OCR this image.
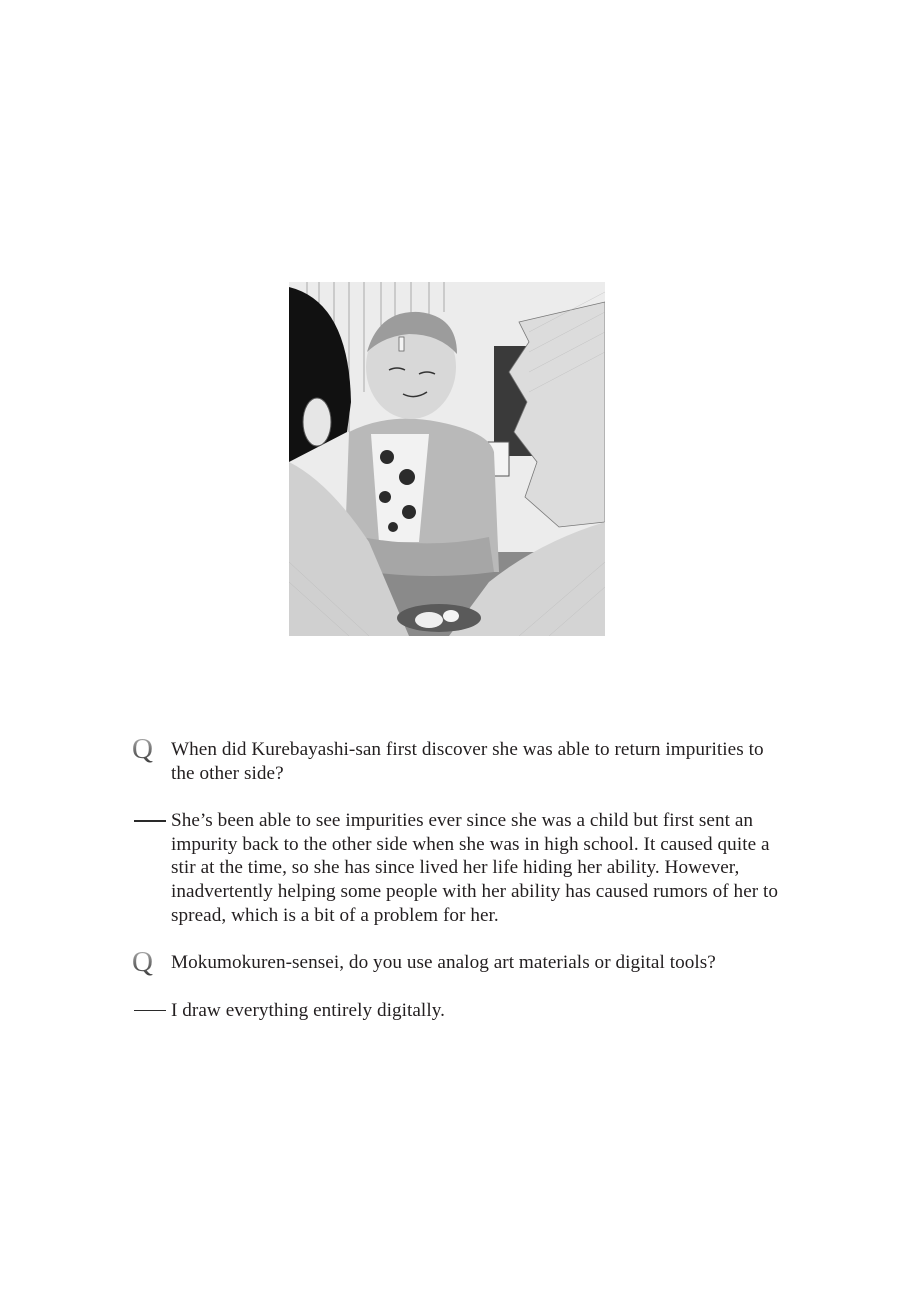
Q When did Kurebayashi-san first discover she was able to return impurities to the other side?
She’s been able to see impurities ever since she was a child but first sent an impurity back to the other side when she was in high school. It caused quite a stir at the time, so she has since lived her life hiding her ability. However, inadvertently helping some people with her ability has caused rumors of her to spread, which is a bit of a problem for her.
Q Mokumokuren-sensei, do you use analog art materials or digital tools?
I draw everything entirely digitally.
